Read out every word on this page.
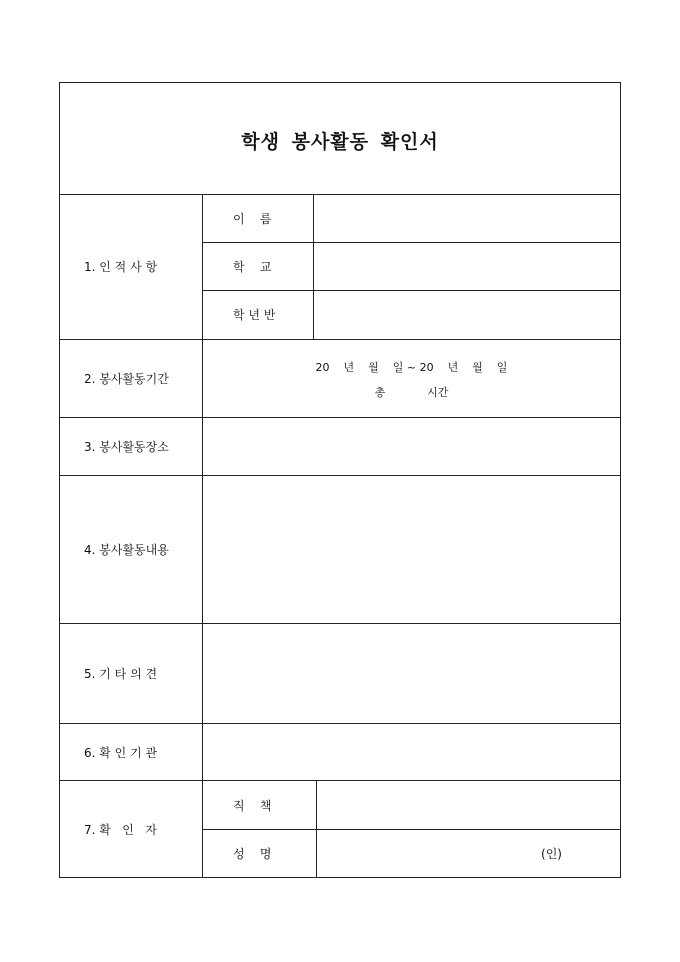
학생 봉사활동 확인서
1. 인 적 사 항
이    름
학    교
학 년 반
2. 봉사활동기간
20    년    월    일 ~ 20    년    월    일
총            시간
3. 봉사활동장소
4. 봉사활동내용
5. 기 타 의 견
6. 확 인 기 관
7. 확   인   자
직    책
성    명	(인)
